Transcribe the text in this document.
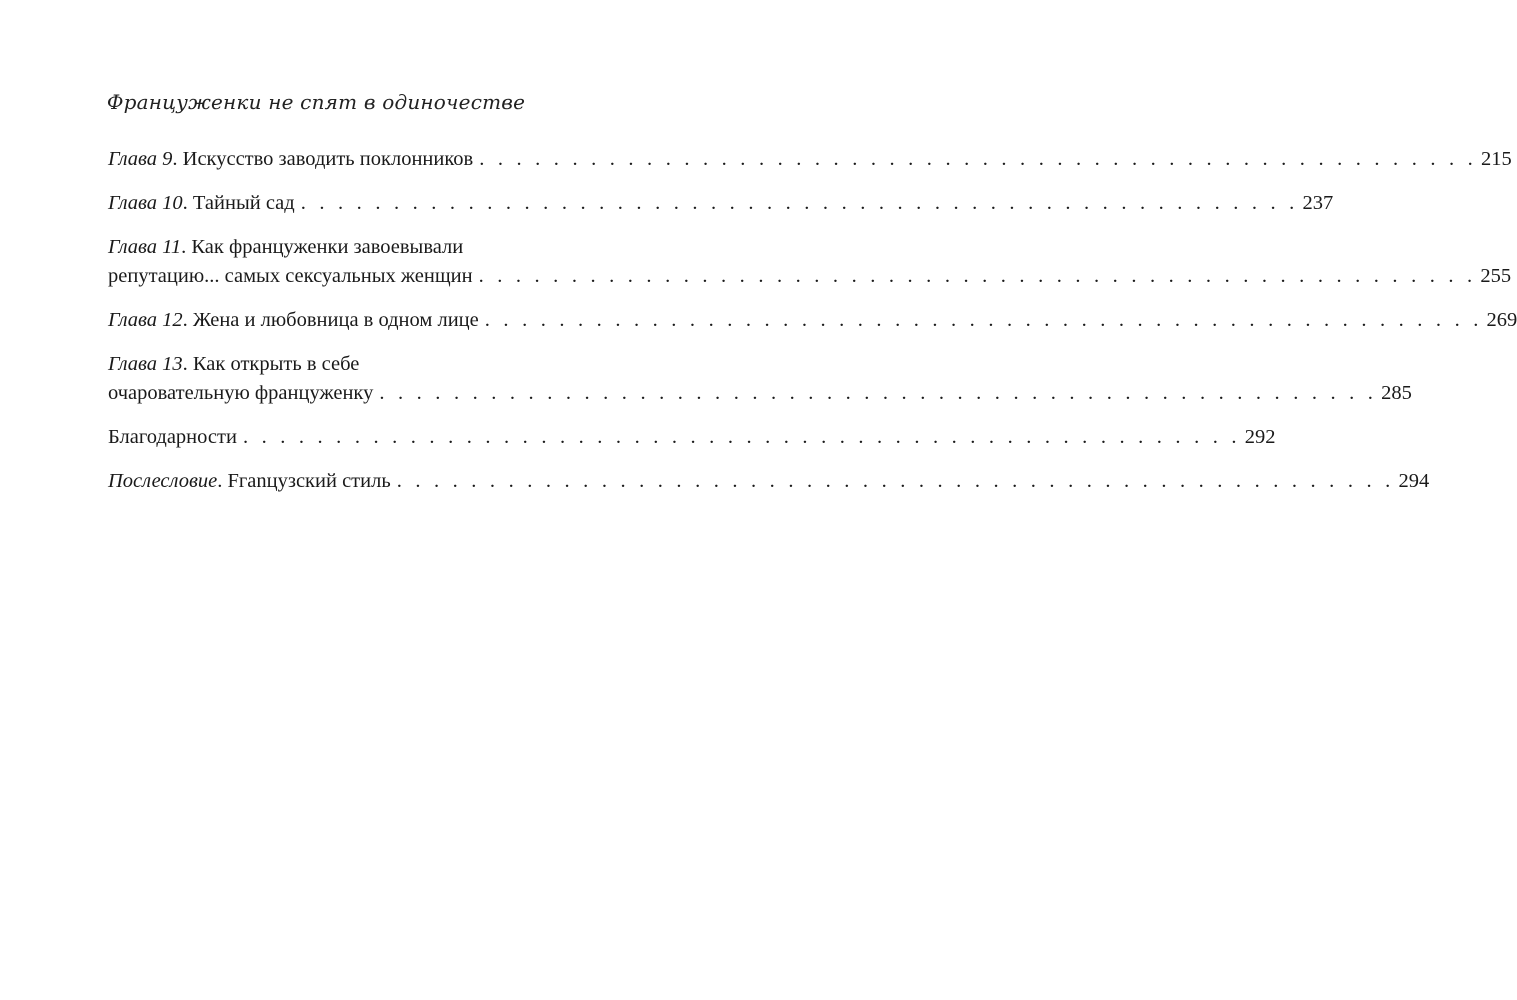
Француженки не спят в одиночестве
Глава 9. Искусство заводить поклонников . . . . . . . . . . . . . . . . . . . . . . . . . . . . . . . . . . . . . . . . . . . . . . . . . . . . . . 215
Глава 10. Тайный сад . . . . . . . . . . . . . . . . . . . . . . . . . . . . . . . . . . . . . . . . . . . . . . . . . . . . . . 237
Глава 11. Как француженки завоевывали
репутацию... самых сексуальных женщин . . . . . . . . . . . . . . . . . . . . . . . . . . . . . . . . . . . . . . . . . . . . . . . . . . . . . . 255
Глава 12. Жена и любовница в одном лице . . . . . . . . . . . . . . . . . . . . . . . . . . . . . . . . . . . . . . . . . . . . . . . . . . . . . . 269
Глава 13. Как открыть в себе
очаровательную француженку . . . . . . . . . . . . . . . . . . . . . . . . . . . . . . . . . . . . . . . . . . . . . . . . . . . . . . 285
Благодарности . . . . . . . . . . . . . . . . . . . . . . . . . . . . . . . . . . . . . . . . . . . . . . . . . . . . . . 292
Послесловие. Fгanцузский стиль . . . . . . . . . . . . . . . . . . . . . . . . . . . . . . . . . . . . . . . . . . . . . . . . . . . . . . 294
